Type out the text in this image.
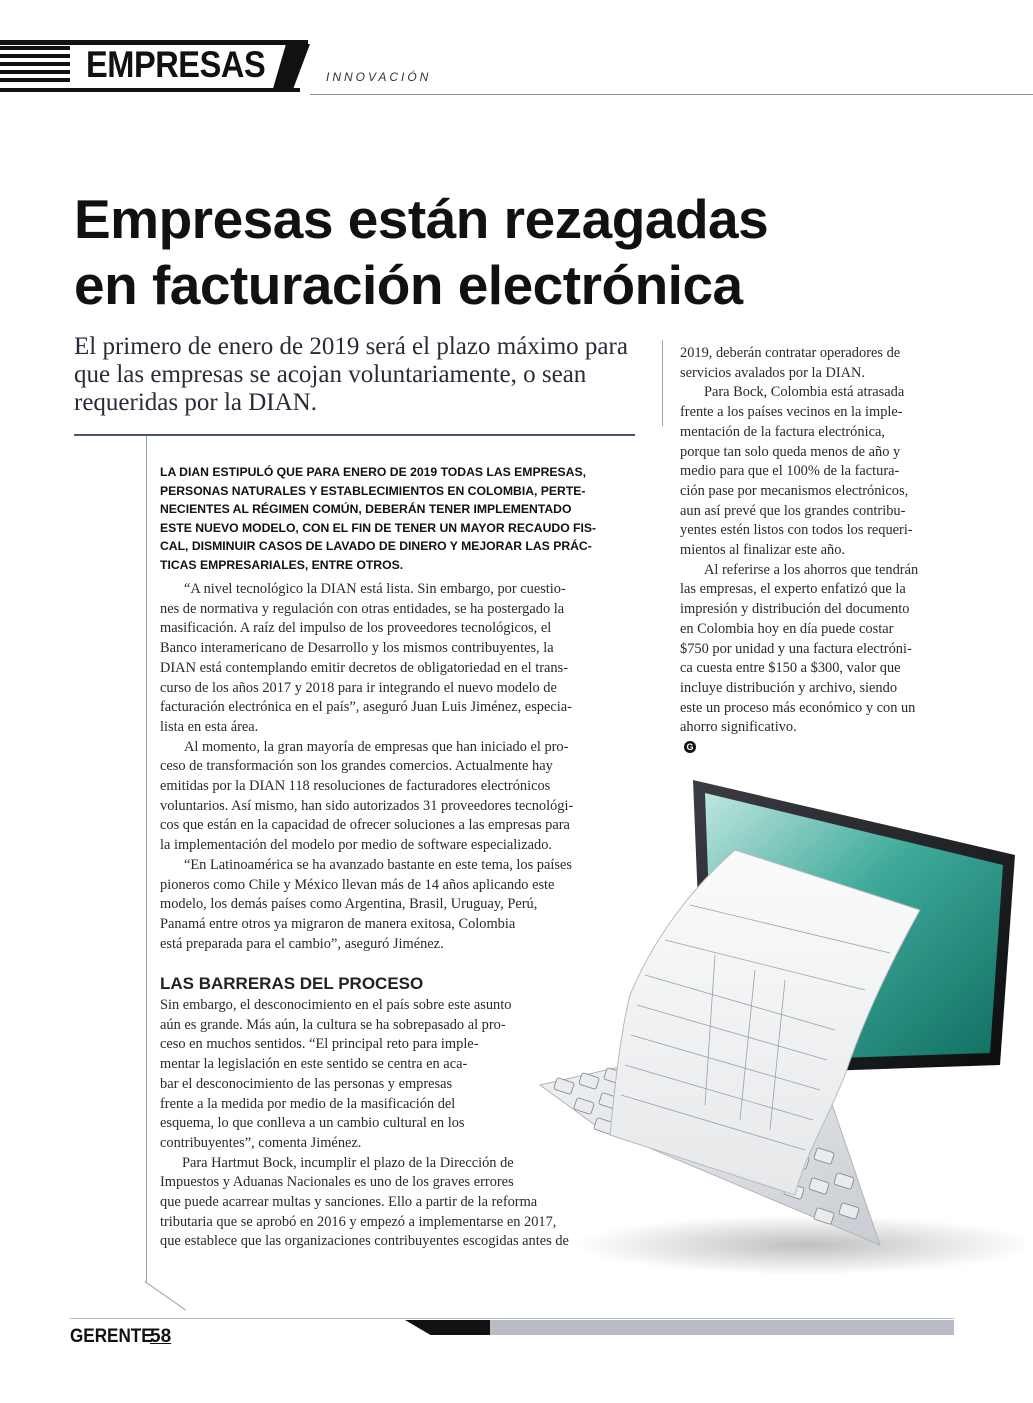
EMPRESAS	INNOVACIÓN
Empresas están rezagadas
en facturación electrónica
El primero de enero de 2019 será el plazo máximo para
que las empresas se acojan voluntariamente, o sean
requeridas por la DIAN.
LA DIAN ESTIPULÓ QUE PARA ENERO DE 2019 TODAS LAS EMPRESAS,
PERSONAS NATURALES Y ESTABLECIMIENTOS EN COLOMBIA, PERTE-
NECIENTES AL RÉGIMEN COMÚN, DEBERÁN TENER IMPLEMENTADO
ESTE NUEVO MODELO, CON EL FIN DE TENER UN MAYOR RECAUDO FIS-
CAL, DISMINUIR CASOS DE LAVADO DE DINERO Y MEJORAR LAS PRÁC-
TICAS EMPRESARIALES, ENTRE OTROS.
“A nivel tecnológico la DIAN está lista. Sin embargo, por cuestio-
nes de normativa y regulación con otras entidades, se ha postergado la
masificación. A raíz del impulso de los proveedores tecnológicos, el
Banco interamericano de Desarrollo y los mismos contribuyentes, la
DIAN está contemplando emitir decretos de obligatoriedad en el trans-
curso de los años 2017 y 2018 para ir integrando el nuevo modelo de
facturación electrónica en el país”, aseguró Juan Luis Jiménez, especia-
lista en esta área.
Al momento, la gran mayoría de empresas que han iniciado el pro-
ceso de transformación son los grandes comercios. Actualmente hay
emitidas por la DIAN 118 resoluciones de facturadores electrónicos
voluntarios. Así mismo, han sido autorizados 31 proveedores tecnológi-
cos que están en la capacidad de ofrecer soluciones a las empresas para
la implementación del modelo por medio de software especializado.
“En Latinoamérica se ha avanzado bastante en este tema, los países
pioneros como Chile y México llevan más de 14 años aplicando este
modelo, los demás países como Argentina, Brasil, Uruguay, Perú,
Panamá entre otros ya migraron de manera exitosa, Colombia
está preparada para el cambio”, aseguró Jiménez.
LAS BARRERAS DEL PROCESO
Sin embargo, el desconocimiento en el país sobre este asunto
aún es grande. Más aún, la cultura se ha sobrepasado al pro-
ceso en muchos sentidos. “El principal reto para imple-
mentar la legislación en este sentido se centra en aca-
bar el desconocimiento de las personas y empresas
frente a la medida por medio de la masificación del
esquema, lo que conlleva a un cambio cultural en los
contribuyentes”, comenta Jiménez.
Para Hartmut Bock, incumplir el plazo de la Dirección de
Impuestos y Aduanas Nacionales es uno de los graves errores
que puede acarrear multas y sanciones. Ello a partir de la reforma
tributaria que se aprobó en 2016 y empezó a implementarse en 2017,
que establece que las organizaciones contribuyentes escogidas antes de
2019, deberán contratar operadores de
servicios avalados por la DIAN.
Para Bock, Colombia está atrasada
frente a los países vecinos en la imple-
mentación de la factura electrónica,
porque tan solo queda menos de año y
medio para que el 100% de la factura-
ción pase por mecanismos electrónicos,
aun así prevé que los grandes contribu-
yentes estén listos con todos los requeri-
mientos al finalizar este año.
Al referirse a los ahorros que tendrán
las empresas, el experto enfatizó que la
impresión y distribución del documento
en Colombia hoy en día puede costar
$750 por unidad y una factura electróni-
ca cuesta entre $150 a $300, valor que
incluye distribución y archivo, siendo
este un proceso más económico y con un
ahorro significativo.
G
GERENTE
58
